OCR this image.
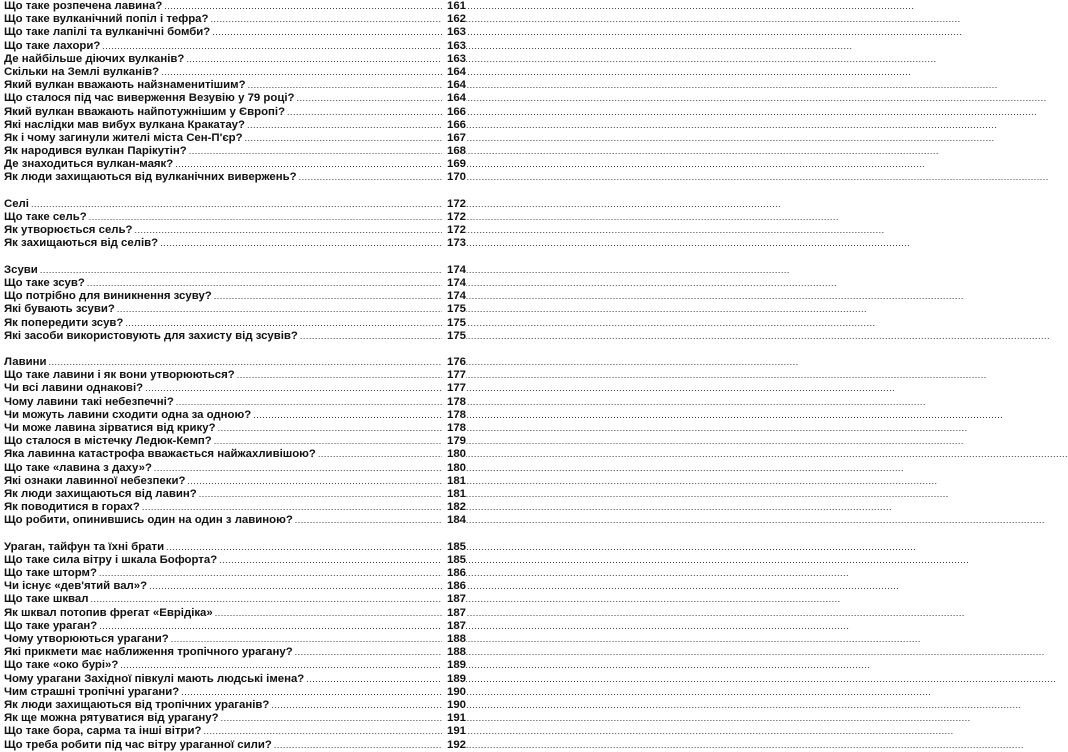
Що таке розпечена лавина? .....	161
Що таке вулканічний попіл і тефра? .....	162
Що таке лапілі та вулканічні бомби? .....	163
Що таке лахори? .....	163
Де найбільше діючих вулканів? .....	163
Скільки на Землі вулканів? .....	164
Який вулкан вважають найзнаменитішим? .....	164
Що сталося під час виверження Везувію у 79 році? .....	164
Який вулкан вважають найпотужнішим у Європі? .....	166
Які наслідки мав вибух вулкана Кракатау? .....	166
Як і чому загинули жителі міста Сен-П'єр? .....	167
Як народився вулкан Парікутін? .....	168
Де знаходиться вулкан-маяк? .....	169
Як люди захищаються від вулканічних вивержень? .....	170
Селі .....	172
Що таке сель? .....	172
Як утворюється сель? .....	172
Як захищаються від селів? .....	173
Зсуви .....	174
Що таке зсув? .....	174
Що потрібно для виникнення зсуву? .....	174
Які бувають зсуви? .....	175
Як попередити зсув? .....	175
Які засоби використовують для захисту від зсувів? .....	175
Лавини .....	176
Що таке лавини і як вони утворюються? .....	177
Чи всі лавини однакові? .....	177
Чому лавини такі небезпечні? .....	178
Чи можуть лавини сходити одна за одною? .....	178
Чи може лавина зірватися від крику? .....	178
Що сталося в містечку Ледюк-Кемп? .....	179
Яка лавинна катастрофа вважається найжахливішою? .....	180
Що таке «лавина з даху»? .....	180
Які ознаки лавинної небезпеки? .....	181
Як люди захищаються від лавин? .....	181
Як поводитися в горах? .....	182
Що робити, опинившись один на один з лавиною? .....	184
Ураган, тайфун та їхні брати .....	185
Що таке сила вітру і шкала Бофорта? .....	185
Що таке шторм? .....	186
Чи існує «дев'ятий вал»? .....	186
Що таке шквал .....	187
Як шквал потопив фрегат «Еврідіка» .....	187
Що таке ураган? .....	187
Чому утворюються урагани? .....	188
Які прикмети має наближення тропічного урагану? .....	188
Що таке «око бурі»? .....	189
Чому урагани Західної півкулі мають людські імена? .....	189
Чим страшні тропічні урагани? .....	190
Як люди захищаються від тропічних ураганів? .....	190
Як ще можна рятуватися від урагану? .....	191
Що таке бора, сарма та інші вітри? .....	191
Що треба робити під час вітру ураганної сили? .....	192
